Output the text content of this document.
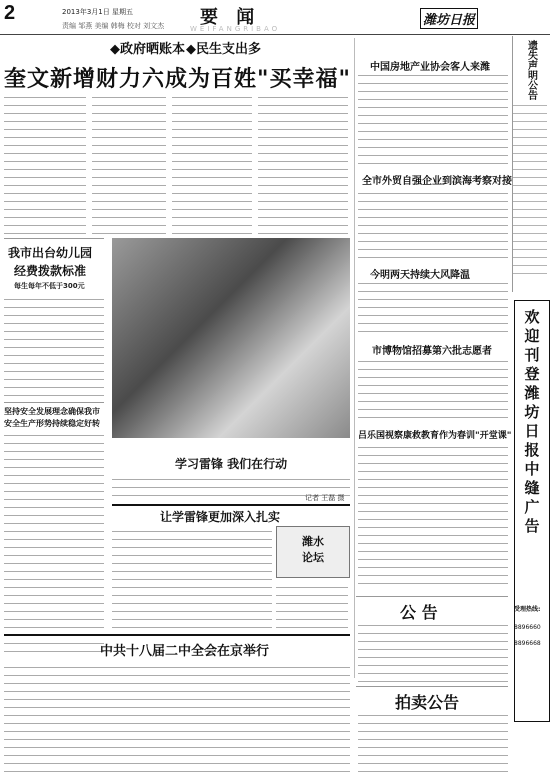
2	2013年3月1日 星期五
责编 邹燕 美编 韩梅 校对 刘文杰 要 闻
WEIFANGRIBAO
潍坊日报
◆政府晒账本 ◆民生支出多
奎文新增财力六成为百姓"买幸福"
我市出台幼儿园
经费拨款标准
每生每年不低于300元
坚持安全发展理念确保我市
安全生产形势持续稳定好转
学习雷锋 我们在行动
记者 王磊 摄
让学雷锋更加深入扎实
潍水
论坛
中国房地产业协会客人来潍
全市外贸自强企业到滨海考察对接
今明两天持续大风降温
市博物馆招募第六批志愿者
吕乐国视察康救教育作为春训"开堂课"
公 告
拍卖公告
中共十八届二中全会在京举行
遗失声明公告
欢迎刊登潍坊日报中缝广告
受理热线:
8896660
8896668
